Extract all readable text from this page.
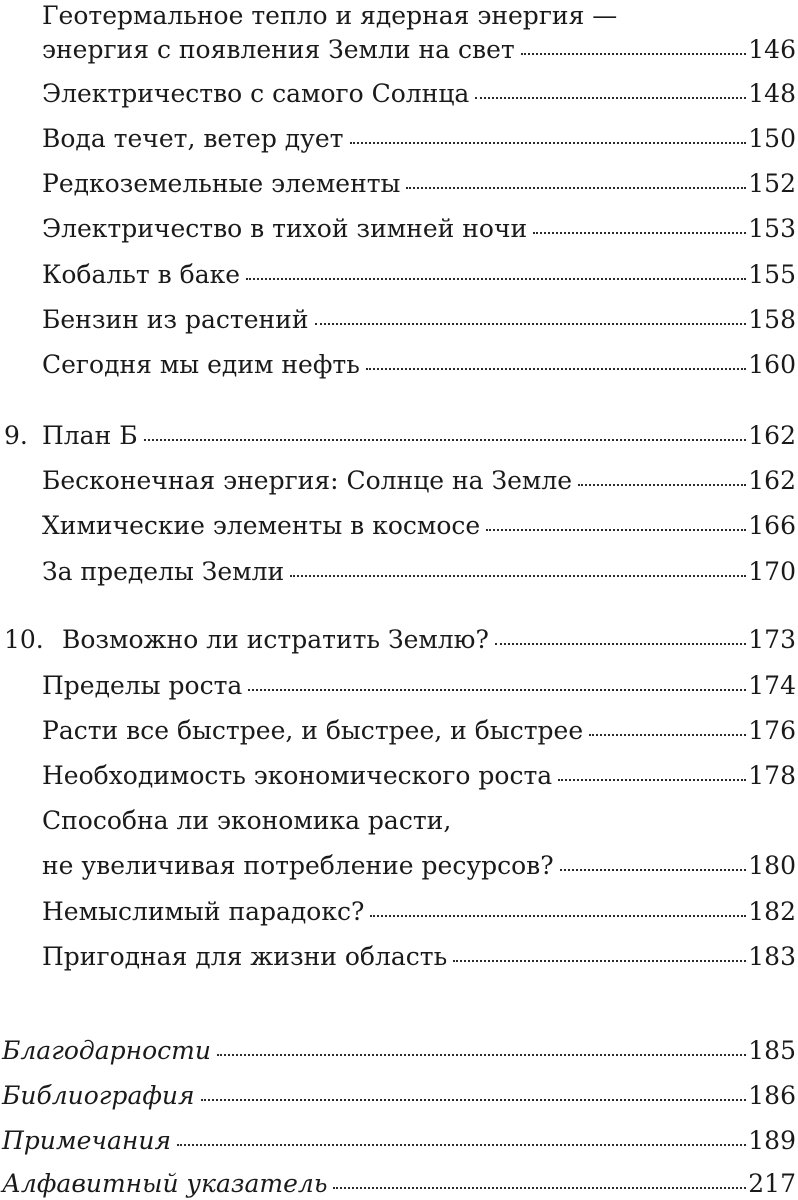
Геотермальное тепло и ядерная энергия —
энергия с появления Земли на свет	146
Электричество с самого Солнца	148
Вода течет, ветер дует	150
Редкоземельные элементы	152
Электричество в тихой зимней ночи	153
Кобальт в баке	155
Бензин из растений	158
Сегодня мы едим нефть	160
9. План Б	162
Бесконечная энергия: Солнце на Земле	162
Химические элементы в космосе	166
За пределы Земли	170
10. Возможно ли истратить Землю?	173
Пределы роста	174
Расти все быстрее, и быстрее, и быстрее	176
Необходимость экономического роста	178
Способна ли экономика расти,
не увеличивая потребление ресурсов?	180
Немыслимый парадокс?	182
Пригодная для жизни область	183
Благодарности	185
Библиография	186
Примечания	189
Алфавитный указатель	217
